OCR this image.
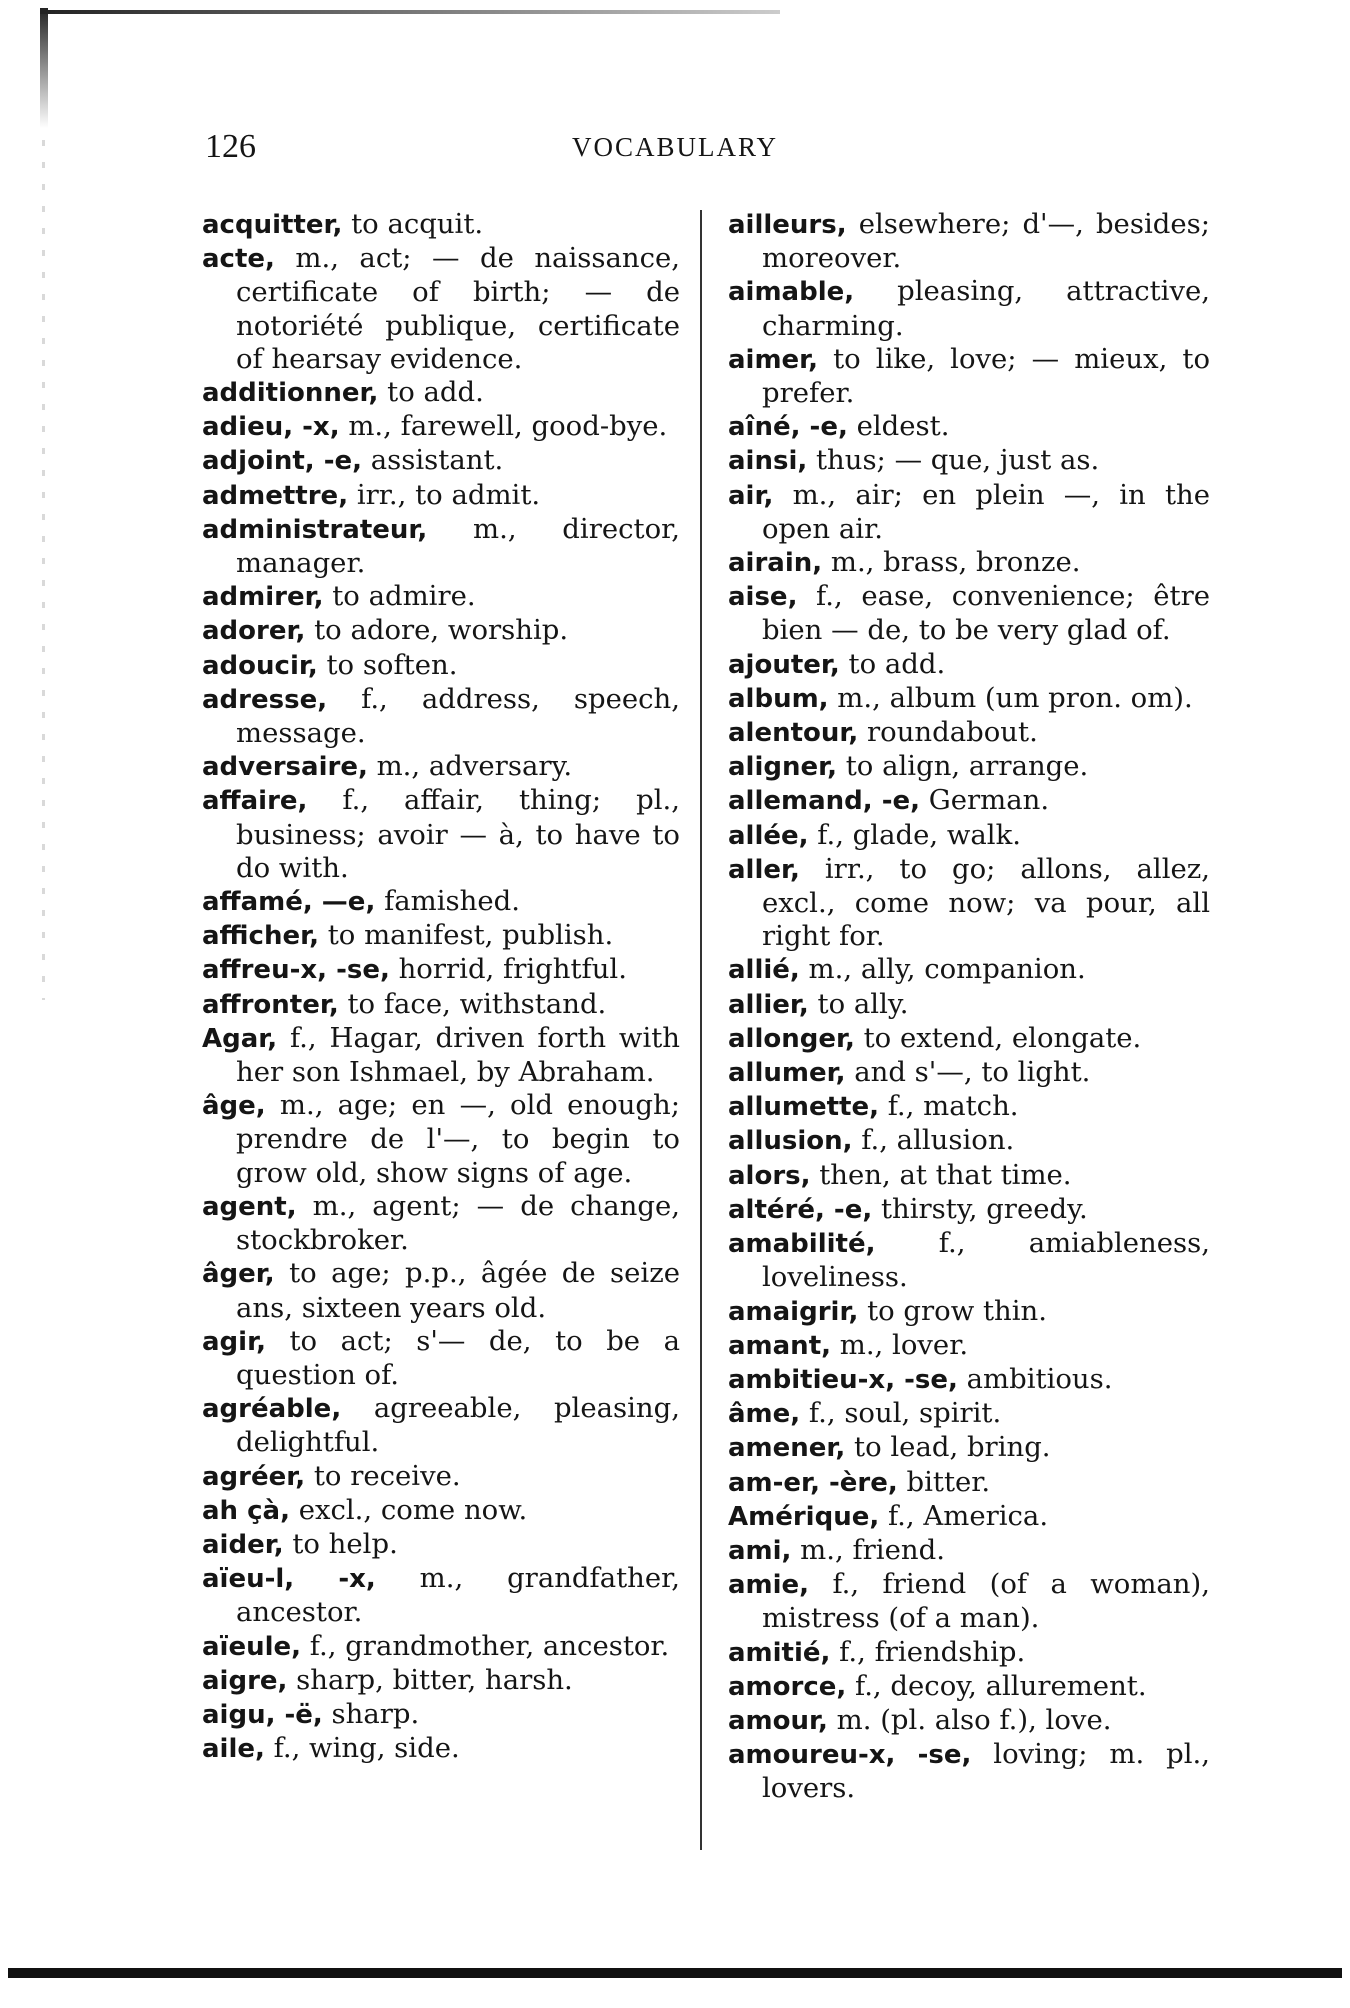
126	VOCABULARY

acquitter, to acquit.

acte, m., act; — de naissance, certificate of birth; — de notoriété publique, certificate of hearsay evidence.

additionner, to add.

adieu, -x, m., farewell, good-bye.

adjoint, -e, assistant.

admettre, irr., to admit.

administrateur, m., director, manager.

admirer, to admire.

adorer, to adore, worship.

adoucir, to soften.

adresse, f., address, speech, message.

adversaire, m., adversary.

affaire, f., affair, thing; pl., business; avoir — à, to have to do with.

affamé, —e, famished.

afficher, to manifest, publish.

affreu-x, -se, horrid, frightful.

affronter, to face, withstand.

Agar, f., Hagar, driven forth with her son Ishmael, by Abraham.

âge, m., age; en —, old enough; prendre de l'—, to begin to grow old, show signs of age.

agent, m., agent; — de change, stockbroker.

âger, to age; p.p., âgée de seize ans, sixteen years old.

agir, to act; s'— de, to be a question of.

agréable, agreeable, pleasing, delightful.

agréer, to receive.

ah çà, excl., come now.

aider, to help.

aïeu-l, -x, m., grandfather, ancestor.

aïeule, f., grandmother, ancestor.

aigre, sharp, bitter, harsh.

aigu, -ë, sharp.

aile, f., wing, side.

ailleurs, elsewhere; d'—, besides; moreover.

aimable, pleasing, attractive, charming.

aimer, to like, love; — mieux, to prefer.

aîné, -e, eldest.

ainsi, thus; — que, just as.

air, m., air; en plein —, in the open air.

airain, m., brass, bronze.

aise, f., ease, convenience; être bien — de, to be very glad of.

ajouter, to add.

album, m., album (um pron. om).

alentour, roundabout.

aligner, to align, arrange.

allemand, -e, German.

allée, f., glade, walk.

aller, irr., to go; allons, allez, excl., come now; va pour, all right for.

allié, m., ally, companion.

allier, to ally.

allonger, to extend, elongate.

allumer, and s'—, to light.

allumette, f., match.

allusion, f., allusion.

alors, then, at that time.

altéré, -e, thirsty, greedy.

amabilité, f., amiableness, loveliness.

amaigrir, to grow thin.

amant, m., lover.

ambitieu-x, -se, ambitious.

âme, f., soul, spirit.

amener, to lead, bring.

am-er, -ère, bitter.

Amérique, f., America.

ami, m., friend.

amie, f., friend (of a woman), mistress (of a man).

amitié, f., friendship.

amorce, f., decoy, allurement.

amour, m. (pl. also f.), love.

amoureu-x, -se, loving; m. pl., lovers.
